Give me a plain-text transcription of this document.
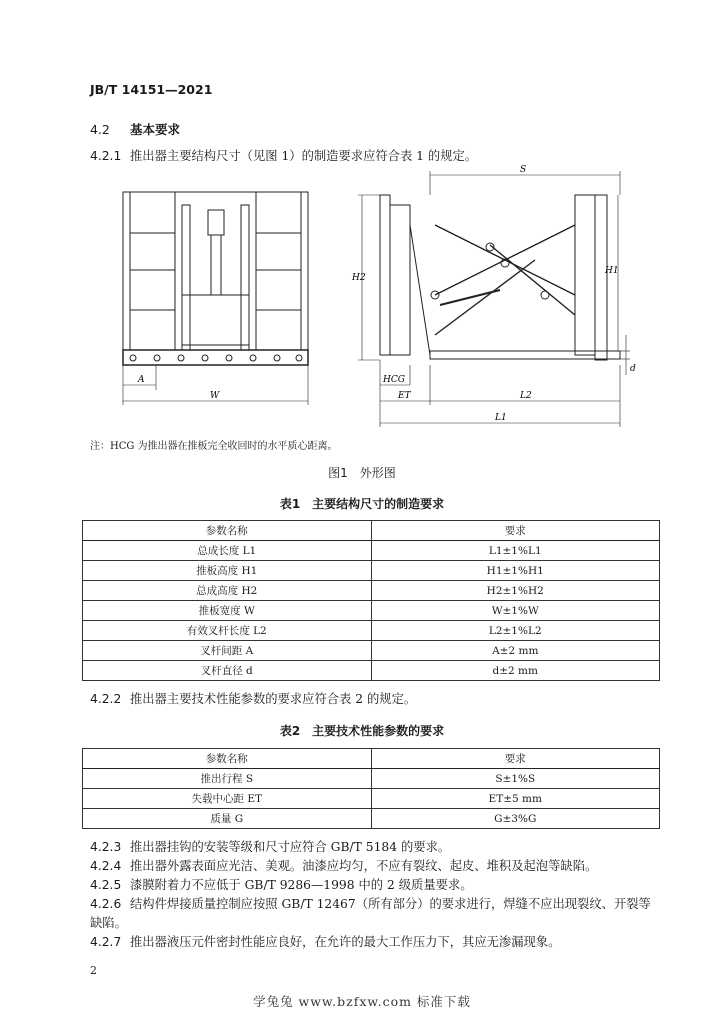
JB/T 14151—2021
4.2 基本要求
4.2.1 推出器主要结构尺寸（见图 1）的制造要求应符合表 1 的规定。
A
W
S
H2
H1
d
HCG
ET	L2
L1
注：HCG 为推出器在推板完全收回时的水平质心距离。
图1　外形图
表1　主要结构尺寸的制造要求
参数名称	要求
总成长度 L1	L1±1%L1
推板高度 H1	H1±1%H1
总成高度 H2	H2±1%H2
推板宽度 W	W±1%W
有效叉杆长度 L2	L2±1%L2
叉杆间距 A	A±2 mm
叉杆直径 d	d±2 mm
4.2.2 推出器主要技术性能参数的要求应符合表 2 的规定。
表2　主要技术性能参数的要求
参数名称	要求
推出行程 S	S±1%S
失载中心距 ET	ET±5 mm
质量 G	G±3%G
4.2.3 推出器挂钩的安装等级和尺寸应符合 GB/T 5184 的要求。
4.2.4 推出器外露表面应光洁、美观。油漆应均匀，不应有裂纹、起皮、堆积及起泡等缺陷。
4.2.5 漆膜附着力不应低于 GB/T 9286—1998 中的 2 级质量要求。
4.2.6 结构件焊接质量控制应按照 GB/T 12467（所有部分）的要求进行，焊缝不应出现裂纹、开裂等缺陷。
4.2.7 推出器液压元件密封性能应良好，在允许的最大工作压力下，其应无渗漏现象。
2
学兔兔 www.bzfxw.com 标准下载
